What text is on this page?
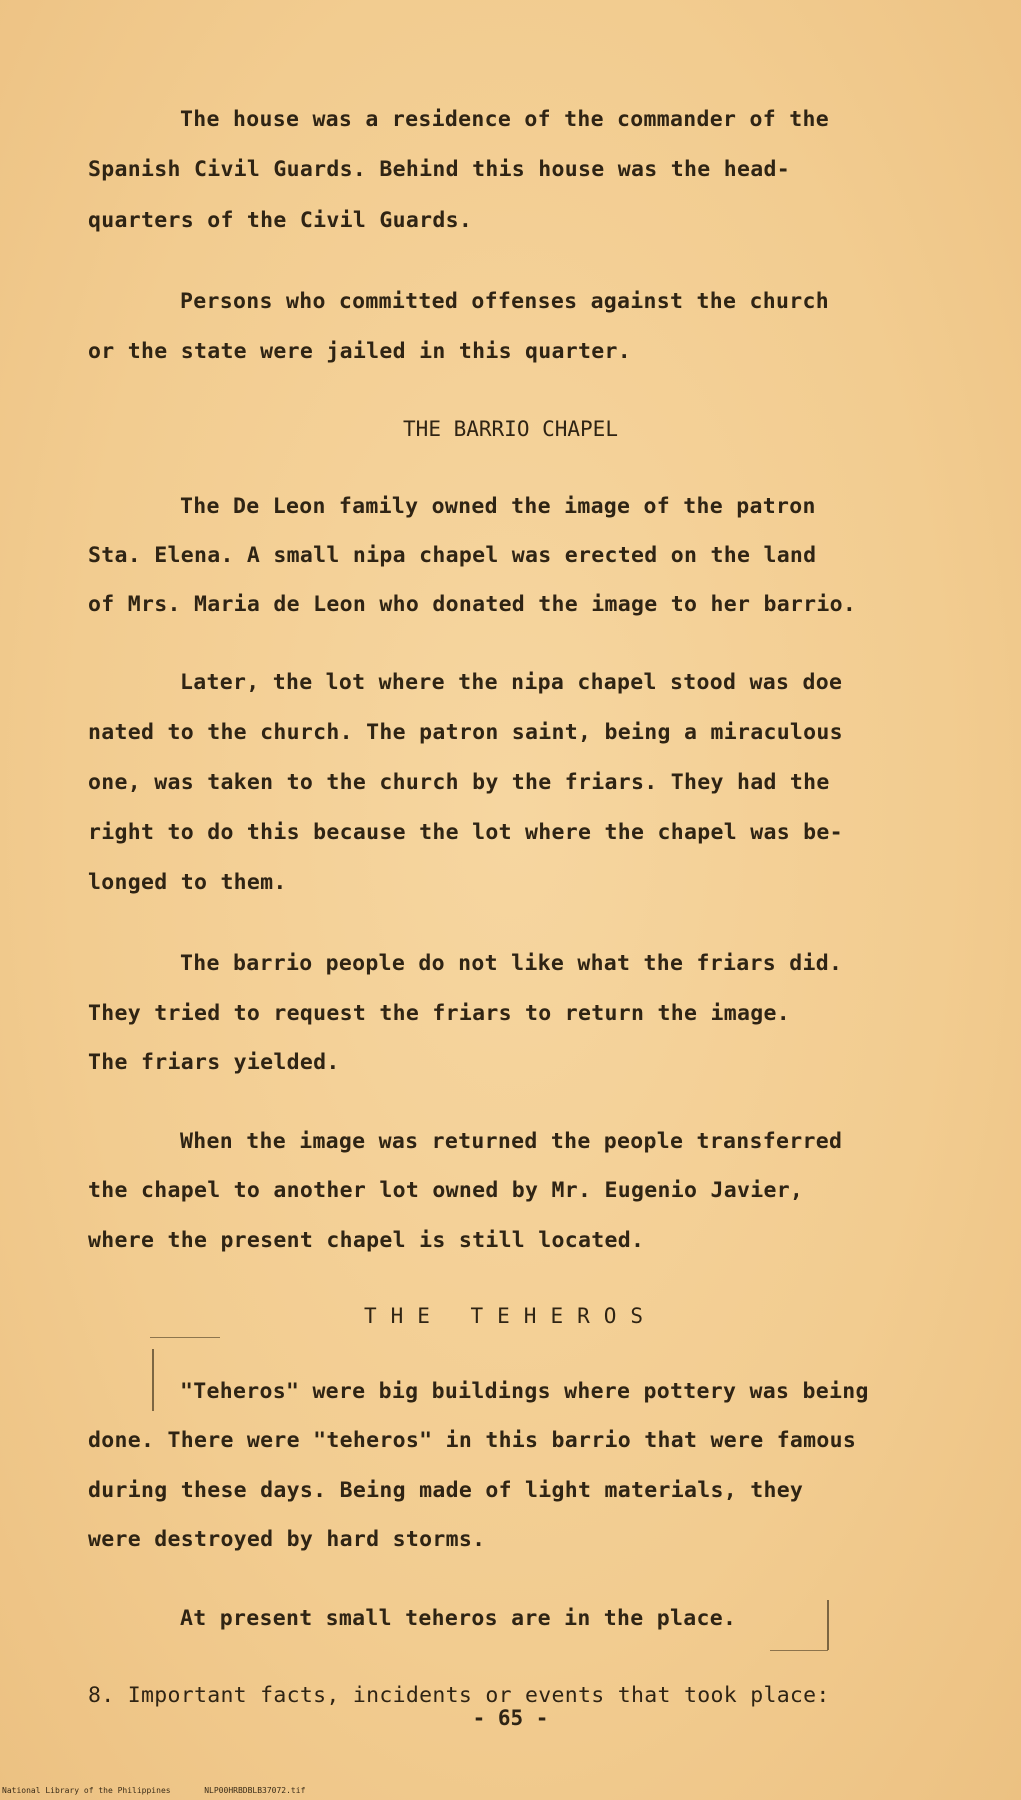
The house was a residence of the commander of the
Spanish Civil Guards. Behind this house was the head-
quarters of the Civil Guards.
Persons who committed offenses against the church
or the state were jailed in this quarter.
THE BARRIO CHAPEL
The De Leon family owned the image of the patron
Sta. Elena. A small nipa chapel was erected on the land
of Mrs. Maria de Leon who donated the image to her barrio.
Later, the lot where the nipa chapel stood was doe
nated to the church. The patron saint, being a miraculous
one, was taken to the church by the friars. They had the
right to do this because the lot where the chapel was be-
longed to them.
The barrio people do not like what the friars did.
They tried to request the friars to return the image.
The friars yielded.
When the image was returned the people transferred
the chapel to another lot owned by Mr. Eugenio Javier,
where the present chapel is still located.
THE TEHEROS
"Teheros" were big buildings where pottery was being
done. There were "teheros" in this barrio that were famous
during these days. Being made of light materials, they
were destroyed by hard storms.
At present small teheros are in the place.
8. Important facts, incidents or events that took place:
- 65 -
National Library of the Philippines	NLP00HRBDBLB37072.tif
